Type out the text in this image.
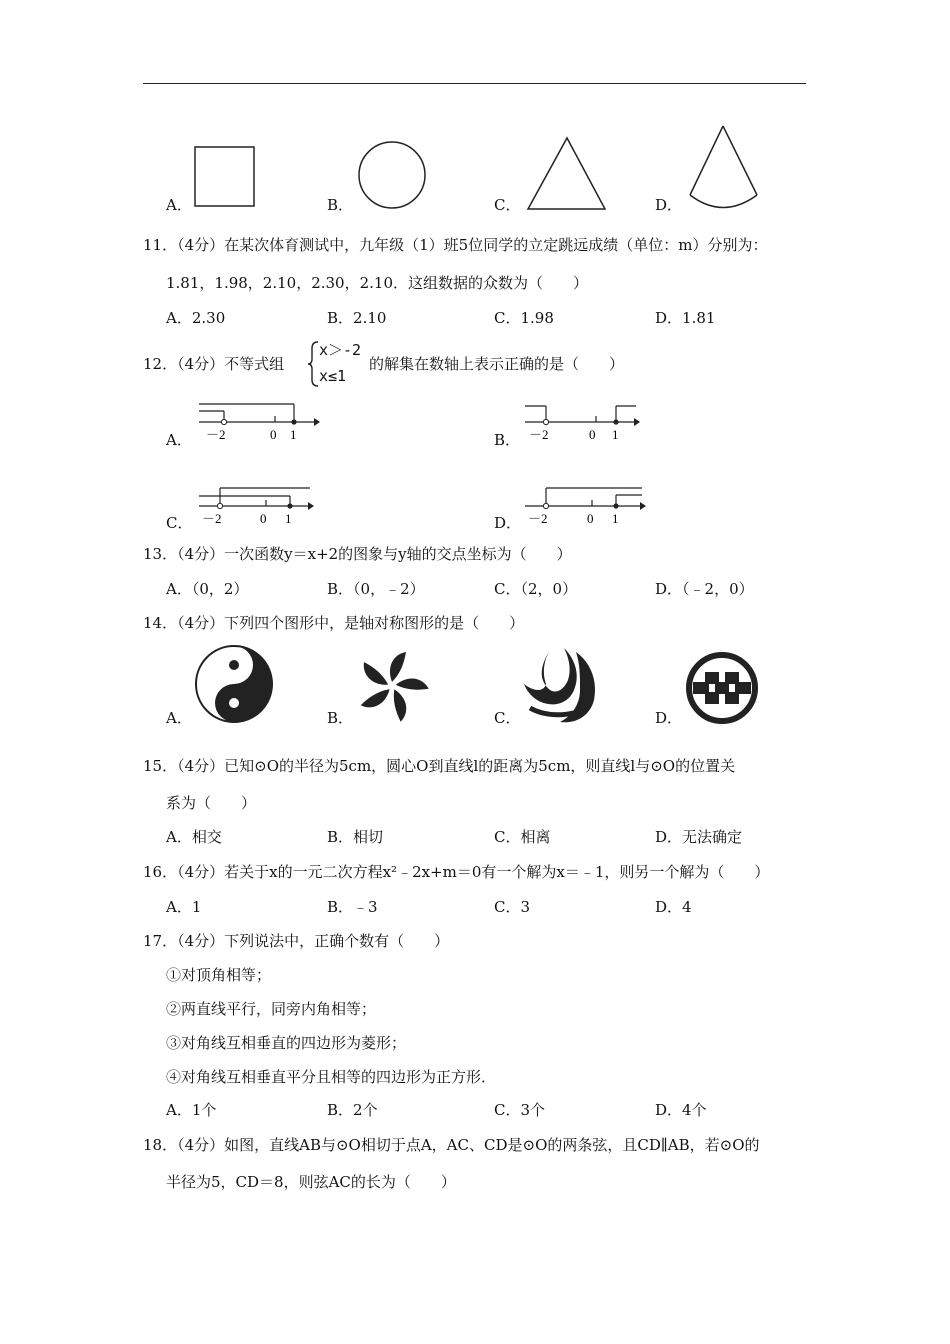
A．	B．	C．	D．
11．（4分）在某次体育测试中，九年级（1）班5位同学的立定跳远成绩（单位：m）分别为：
1.81，1.98，2.10，2.30，2.10．这组数据的众数为（　　）
A．2.30	B．2.10	C．1.98	D．1.81
12．（4分）不等式组
x＞-2
x≤1
的解集在数轴上表示正确的是（　　）
－2	0 1	－2	0 1
A．	B．
－2	0 1	－2	0 1
C．	D．
13．（4分）一次函数y＝x+2的图象与y轴的交点坐标为（　　）
A．（0，2）	B．（0，﹣2）	C．（2，0）	D．（﹣2，0）
14．（4分）下列四个图形中，是轴对称图形的是（　　）
A．	B．	C．	D．
15．（4分）已知⊙O的半径为5cm，圆心O到直线l的距离为5cm，则直线l与⊙O的位置关
系为（　　）
A．相交	B．相切	C．相离	D．无法确定
16．（4分）若关于x的一元二次方程x²﹣2x+m＝0有一个解为x＝﹣1，则另一个解为（　　）
A．1	B．﹣3	C．3	D．4
17．（4分）下列说法中，正确个数有（　　）
①对顶角相等；
②两直线平行，同旁内角相等；
③对角线互相垂直的四边形为菱形；
④对角线互相垂直平分且相等的四边形为正方形．
A．1个	B．2个	C．3个	D．4个
18．（4分）如图，直线AB与⊙O相切于点A，AC、CD是⊙O的两条弦，且CD∥AB，若⊙O的
半径为5，CD＝8，则弦AC的长为（　　）
